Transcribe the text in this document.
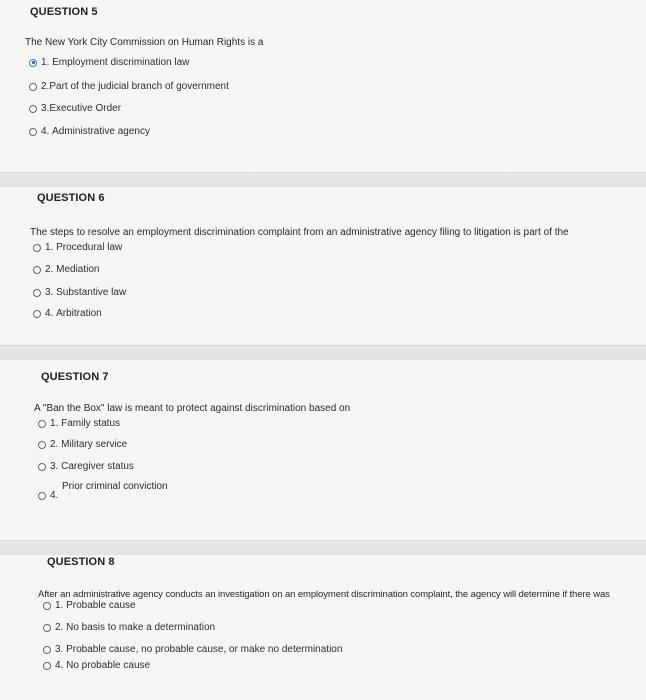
QUESTION 5
The New York City Commission on Human Rights is a
1.
Employment discrimination law
2. Part of the judicial branch of government
3. Executive Order
4.
Administrative agency
QUESTION 6
The steps to resolve an employment discrimination complaint from an administrative agency filing to litigation is part of the
1.
Procedural law
2.
Mediation
3.
Substantive law
4.
Arbitration
QUESTION 7
A "Ban the Box" law is meant to protect against discrimination based on
1.
Family status
2.
Military service
3.
Caregiver status
4.
Prior criminal conviction
QUESTION 8
After an administrative agency conducts an investigation on an employment discrimination complaint, the agency will determine if there was
1.
Probable cause
2.
No basis to make a determination
3.
Probable cause, no probable cause, or make no determination
4.
No probable cause
